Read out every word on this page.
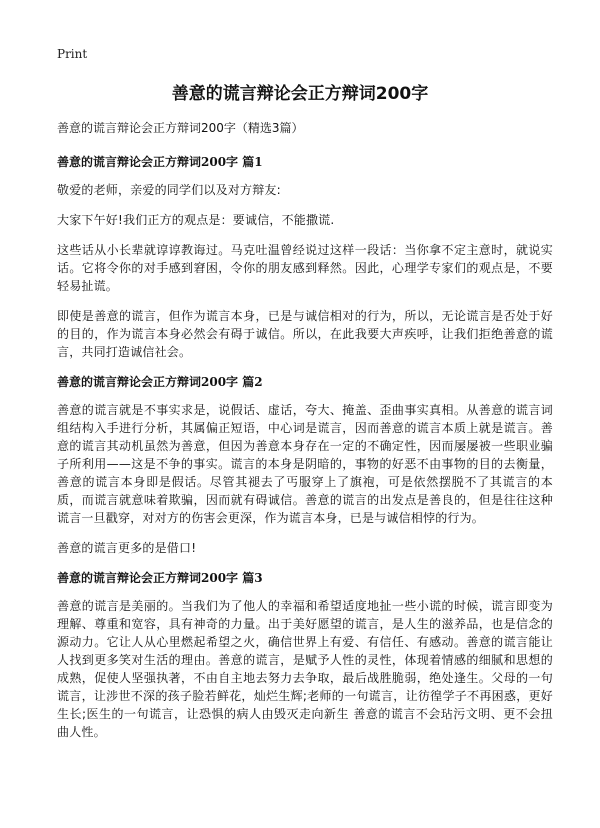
Print
善意的谎言辩论会正方辩词200字

善意的谎言辩论会正方辩词200字（精选3篇）

善意的谎言辩论会正方辩词200字 篇1

敬爱的老师，亲爱的同学们以及对方辩友:

大家下午好!我们正方的观点是：要诚信，不能撒谎.

这些话从小长辈就谆谆教诲过。马克吐温曾经说过这样一段话：当你拿不定主意时，就说实话。它将令你的对手感到窘困，令你的朋友感到释然。因此，心理学专家们的观点是，不要轻易扯谎。

即使是善意的谎言，但作为谎言本身，已是与诚信相对的行为，所以，无论谎言是否处于好的目的，作为谎言本身必然会有碍于诚信。所以，在此我要大声疾呼，让我们拒绝善意的谎言，共同打造诚信社会。

善意的谎言辩论会正方辩词200字 篇2

善意的谎言就是不事实求是，说假话、虚话，夸大、掩盖、歪曲事实真相。从善意的谎言词组结构入手进行分析，其属偏正短语，中心词是谎言，因而善意的谎言本质上就是谎言。善意的谎言其动机虽然为善意，但因为善意本身存在一定的不确定性，因而屡屡被一些职业骗子所利用——这是不争的事实。谎言的本身是阴暗的，事物的好恶不由事物的目的去衡量，善意的谎言本身即是假话。尽管其褪去了丐服穿上了旗袍，可是依然摆脱不了其谎言的本质，而谎言就意味着欺骗，因而就有碍诚信。善意的谎言的出发点是善良的，但是往往这种谎言一旦戳穿，对对方的伤害会更深，作为谎言本身，已是与诚信相悖的行为。

善意的谎言更多的是借口!

善意的谎言辩论会正方辩词200字 篇3

善意的谎言是美丽的。当我们为了他人的幸福和希望适度地扯一些小谎的时候，谎言即变为理解、尊重和宽容，具有神奇的力量。出于美好愿望的谎言，是人生的滋养品，也是信念的源动力。它让人从心里燃起希望之火，确信世界上有爱、有信任、有感动。善意的谎言能让人找到更多笑对生活的理由。善意的谎言，是赋予人性的灵性，体现着情感的细腻和思想的成熟，促使人坚强执著，不由自主地去努力去争取，最后战胜脆弱，绝处逢生。父母的一句谎言，让涉世不深的孩子脸若鲜花，灿烂生辉;老师的一句谎言，让彷徨学子不再困惑，更好生长;医生的一句谎言，让恐惧的病人由毁灭走向新生 善意的谎言不会玷污文明、更不会扭曲人性。
